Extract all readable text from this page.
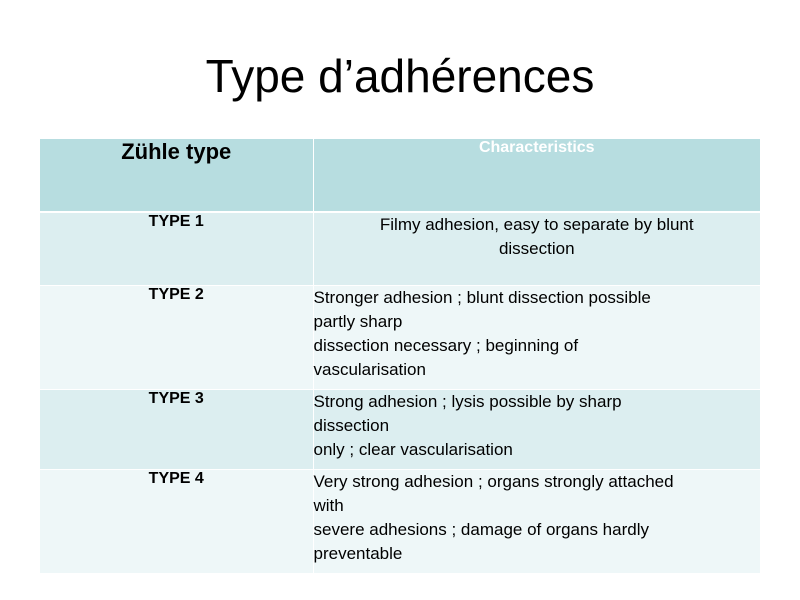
Type d’adhérences
Zühle type	Characteristics
TYPE 1	Filmy adhesion, easy to separate by blunt
dissection

TYPE 2	Stronger adhesion ; blunt dissection possible
partly sharp
dissection necessary ; beginning of
vascularisation

TYPE 3	Strong adhesion ; lysis possible by sharp
dissection
only ; clear vascularisation

TYPE 4	Very strong adhesion ; organs strongly attached
with
severe adhesions ; damage of organs hardly
preventable
